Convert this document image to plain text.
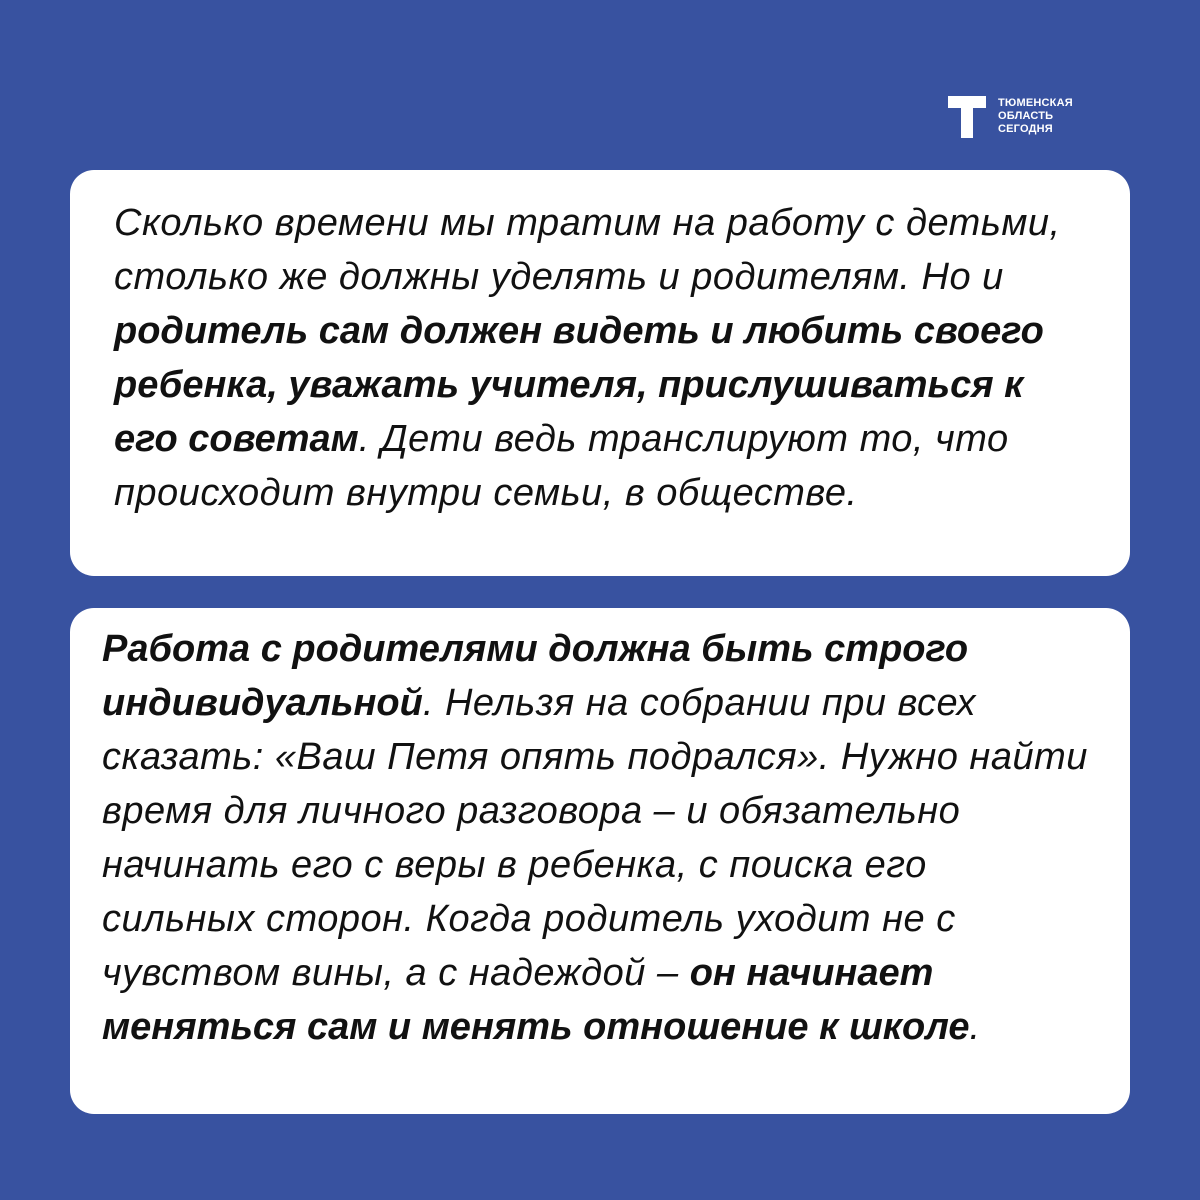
ТЮМЕНСКАЯ
ОБЛАСТЬ
СЕГОДНЯ

Сколько времени мы тратим на работу с детьми, столько же должны уделять и родителям. Но и родитель сам должен видеть и любить своего ребенка, уважать учителя, прислушиваться к его советам. Дети ведь транслируют то, что происходит внутри семьи, в обществе.

Работа с родителями должна быть строго индивидуальной. Нельзя на собрании при всех сказать: «Ваш Петя опять подрался». Нужно найти время для личного разговора – и обязательно начинать его с веры в ребенка, с поиска его сильных сторон. Когда родитель уходит не с чувством вины, а с надеждой – он начинает меняться сам и менять отношение к школе.
